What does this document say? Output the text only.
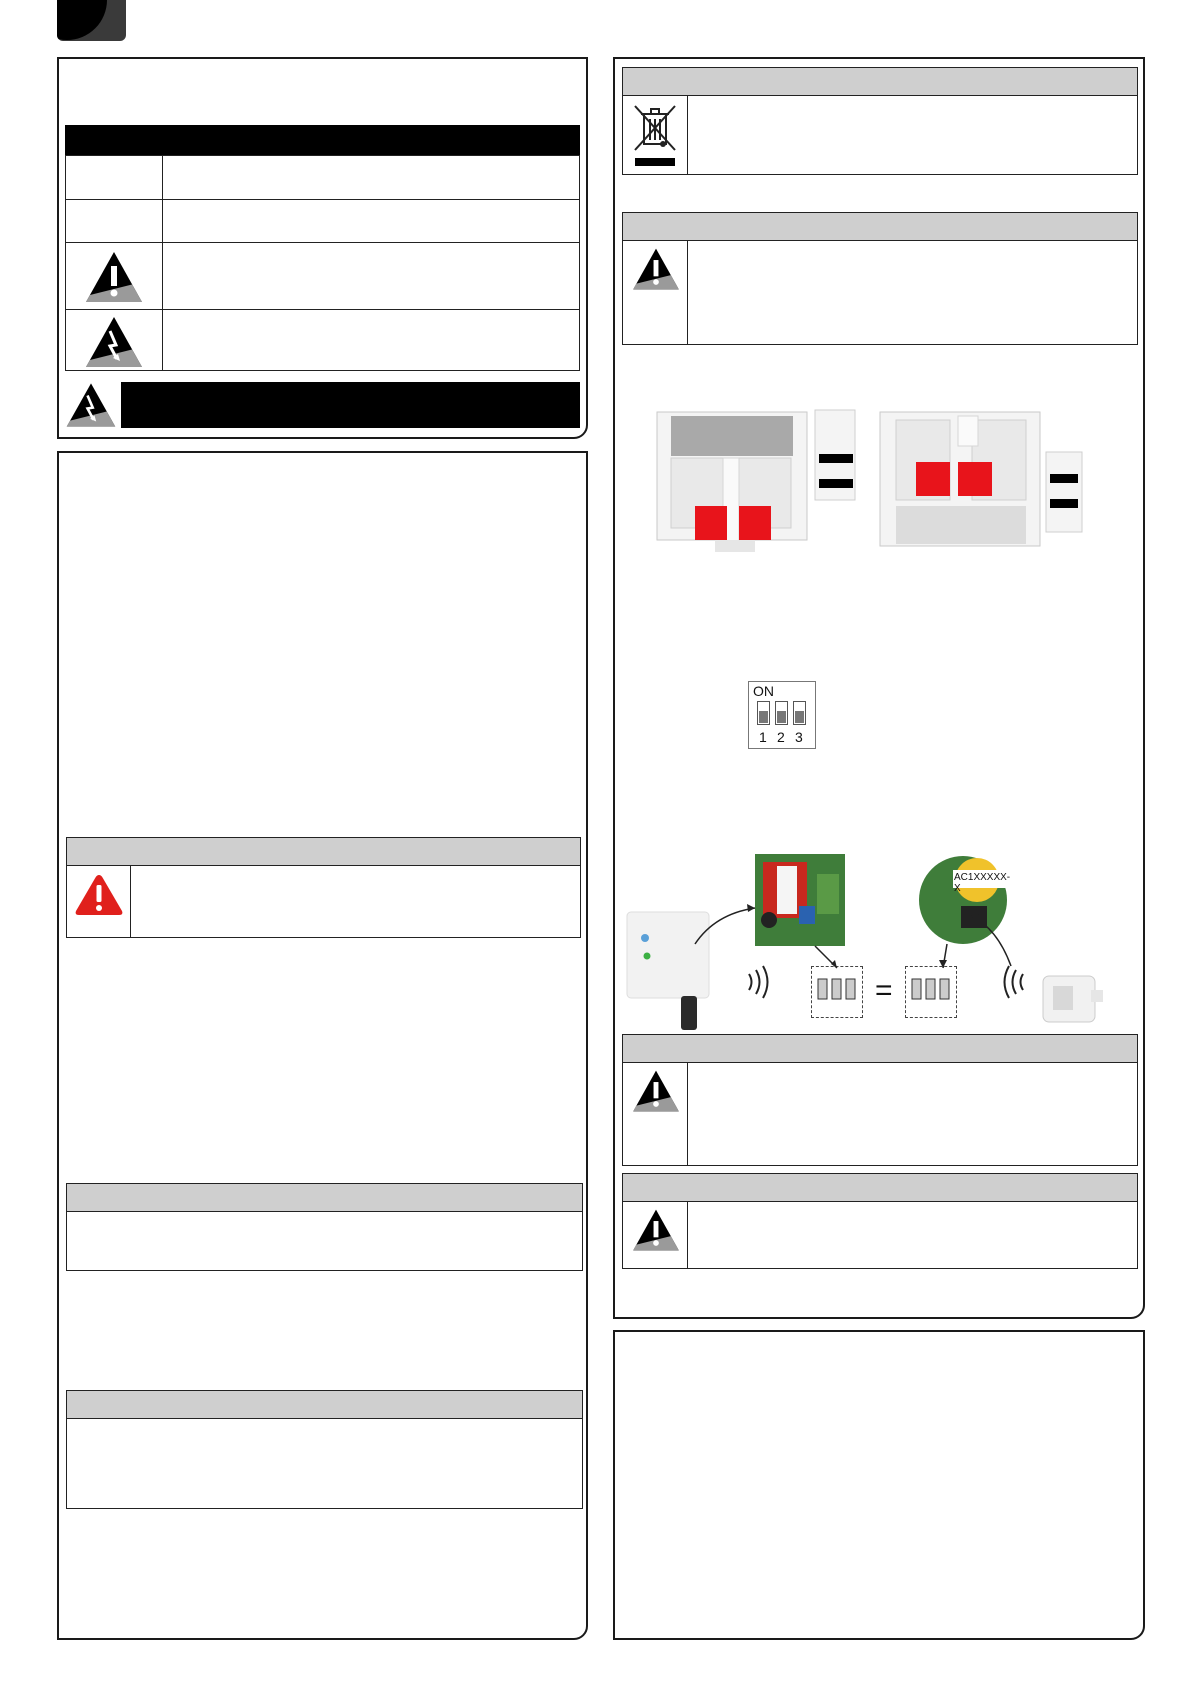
ON
1 2 3
=
AC1XXXXX-X
